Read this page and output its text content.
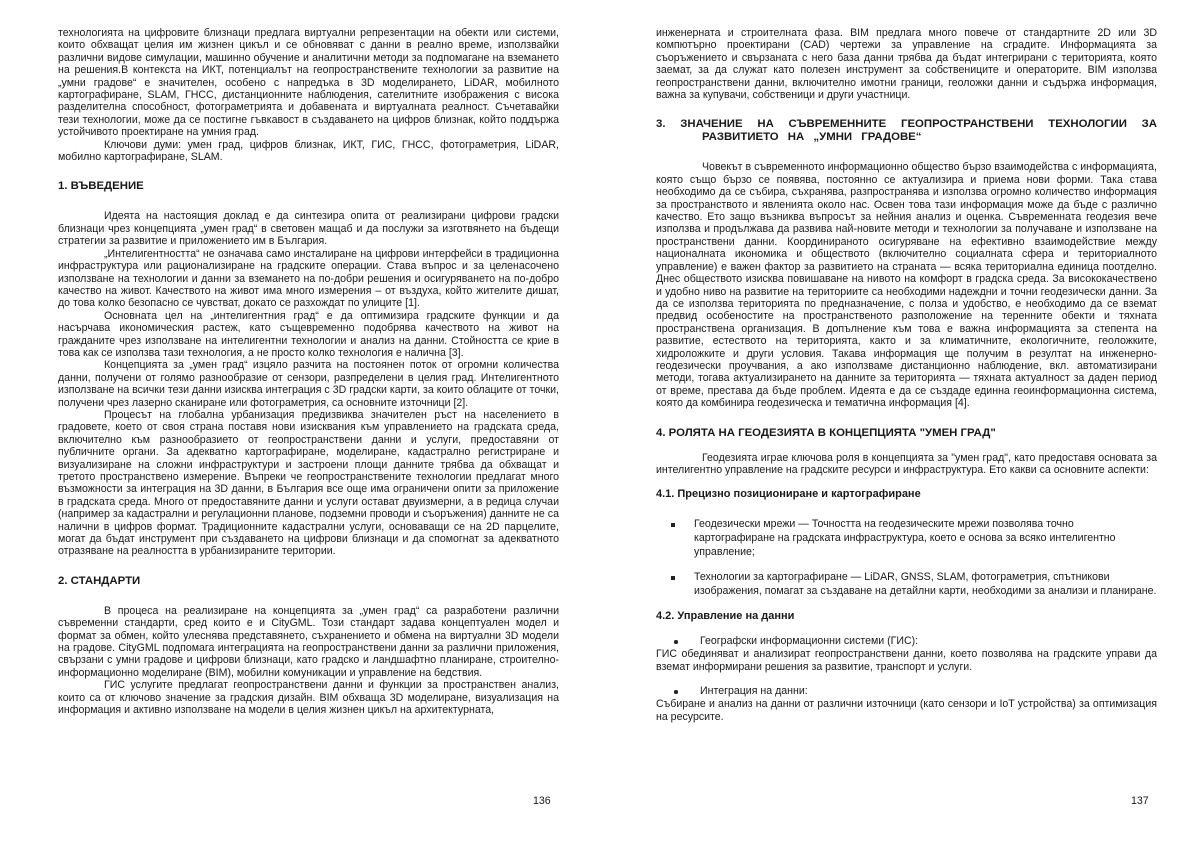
технологията на цифровите близнаци предлага виртуални репрезентации на обекти или системи, които обхващат целия им жизнен цикъл и се обновяват с данни в реално време, използвайки различни видове симулации, машинно обучение и аналитични методи за подпомагане на вземането на решения.В контекста на ИКТ, потенциалът на геопространствените технологии за развитие на „умни градове“ е значителен, особено с напредъка в 3D моделирането, LiDAR, мобилното картографиране, SLAM, ГНСС, дистанционните наблюдения, сателитните изображения с висока разделителна способност, фотограметрията и добавената и виртуалната реалност. Съчетавайки тези технологии, може да се постигне гъвкавост в създаването на цифров близнак, който поддържа устойчивото проектиране на умния град.

Ключови думи: умен град, цифров близнак, ИКТ, ГИС, ГНСС, фотограметрия, LiDAR, мобилно картографиране, SLAM.

1. ВЪВЕДЕНИЕ

Идеята на настоящия доклад е да синтезира опита от реализирани цифрови градски близнаци чрез концепцията „умен град“ в световен мащаб и да послужи за изготвянето на бъдещи стратегии за развитие и приложението им в България.

„Интелигентността“ не означава само инсталиране на цифрови интерфейси в традиционна инфраструктура или рационализиране на градските операции. Става въпрос и за целенасочено използване на технологии и данни за вземането на по-добри решения и осигуряването на по-добро качество на живот. Качеството на живот има много измерения – от въздуха, който жителите дишат, до това колко безопасно се чувстват, докато се разхождат по улиците [1].

Основната цел на „интелигентния град“ е да оптимизира градските функции и да насърчава икономическия растеж, като същевременно подобрява качеството на живот на гражданите чрез използване на интелигентни технологии и анализ на данни. Стойността се крие в това как се използва тази технология, а не просто колко технология е налична [3].

Концепцията за „умен град“ изцяло разчита на постоянен поток от огромни количества данни, получени от голямо разнообразие от сензори, разпределени в целия град. Интелигентното използване на всички тези данни изисква интеграция с 3D градски карти, за които облаците от точки, получени чрез лазерно сканиране или фотограметрия, са основните източници [2].

Процесът на глобална урбанизация предизвиква значителен ръст на населението в градовете, което от своя страна поставя нови изисквания към управлението на градската среда, включително към разнообразието от геопространствени данни и услуги, предоставяни от публичните органи. За адекватно картографиране, моделиране, кадастрално регистриране и визуализиране на сложни инфраструктури и застроени площи данните трябва да обхващат и третото пространствено измерение. Въпреки че геопространствените технологии предлагат много възможности за интеграция на 3D данни, в България все още има ограничени опити за приложение в градската среда. Много от предоставяните данни и услуги остават двуизмерни, а в редица случаи (например за кадастрални и регулационни планове, подземни проводи и съоръжения) данните не са налични в цифров формат. Традиционните кадастрални услуги, основаващи се на 2D парцелите, могат да бъдат инструмент при създаването на цифрови близнаци и да спомогнат за адекватното отразяване на реалността в урбанизираните територии.

2. СТАНДАРТИ

В процеса на реализиране на концепцията за „умен град“ са разработени различни съвременни стандарти, сред които е и CityGML. Този стандарт задава концептуален модел и формат за обмен, който улеснява представянето, съхранението и обмена на виртуални 3D модели на градове. CityGML подпомага интеграцията на геопространствени данни за различни приложения, свързани с умни градове и цифрови близнаци, като градско и ландшафтно планиране, строително-информационно моделиране (BIM), мобилни комуникации и управление на бедствия.

ГИС услугите предлагат геопространствени данни и функции за пространствен анализ, които са от ключово значение за градския дизайн. BIM обхваща 3D моделиране, визуализация на информация и активно използване на модели в целия жизнен цикъл на архитектурната,

136

инженерната и строителната фаза. BIM предлага много повече от стандартните 2D или 3D компютърно проектирани (CAD) чертежи за управление на сградите. Информацията за съоръжението и свързаната с него база данни трябва да бъдат интегрирани с територията, която заемат, за да служат като полезен инструмент за собствениците и операторите. BIM използва геопространствени данни, включително имотни граници, геоложки данни и съдържа информация, важна за купувачи, собственици и други участници.

3. ЗНАЧЕНИЕ НА СЪВРЕМЕННИТЕ ГЕОПРОСТРАНСТВЕНИ ТЕХНОЛОГИИ ЗА РАЗВИТИЕТО НА „УМНИ ГРАДОВЕ“

Човекът в съвременното информационно общество бързо взаимодейства с информацията, която също бързо се появява, постоянно се актуализира и приема нови форми. Така става необходимо да се събира, съхранява, разпространява и използва огромно количество информация за пространството и явленията около нас. Освен това тази информация може да бъде с различно качество. Ето защо възниква въпросът за нейния анализ и оценка. Съвременната геодезия вече използва и продължава да развива най-новите методи и технологии за получаване и използване на пространствени данни. Координираното осигуряване на ефективно взаимодействие между националната икономика и обществото (включително социалната сфера и териториалното управление) е важен фактор за развитието на страната — всяка териториална единица поотделно. Днес обществото изисква повишаване на нивото на комфорт в градска среда. За висококачествено и удобно ниво на развитие на териториите са необходими надеждни и точни геодезически данни. За да се използва територията по предназначение, с полза и удобство, е необходимо да се вземат предвид особеностите на пространственото разположение на теренните обекти и тяхната пространствена организация. В допълнение към това е важна информацията за степента на развитие, естеството на територията, както и за климатичните, екологичните, геоложките, хидроложките и други условия. Такава информация ще получим в резултат на инженерно-геодезически проучвания, а ако използваме дистанционно наблюдение, вкл. автоматизирани методи, тогава актуализирането на данните за територията — тяхната актуалност за даден период от време, престава да бъде проблем. Идеята е да се създаде единна геоинформационна система, която да комбинира геодезическа и тематична информация [4].

4. РОЛЯТА НА ГЕОДЕЗИЯТА В КОНЦЕПЦИЯТА "УМЕН ГРАД"

Геодезията играе ключова роля в концепцията за "умен град", като предоставя основата за интелигентно управление на градските ресурси и инфраструктура. Ето какви са основните аспекти:

4.1. Прецизно позициониране и картографиране
Геодезически мрежи — Точността на геодезическите мрежи позволява точно картографиране на градската инфраструктура, което е основа за всяко интелигентно управление;
Технологии за картографиране — LiDAR, GNSS, SLAM, фотограметрия, спътникови изображения, помагат за създаване на детайлни карти, необходими за анализи и планиране.
4.2. Управление на данни
Географски информационни системи (ГИС):

ГИС обединяват и анализират геопространствени данни, което позволява на градските управи да вземат информирани решения за развитие, транспорт и услуги.

Интеграция на данни:

Събиране и анализ на данни от различни източници (като сензори и IoT устройства) за оптимизация на ресурсите.

137
